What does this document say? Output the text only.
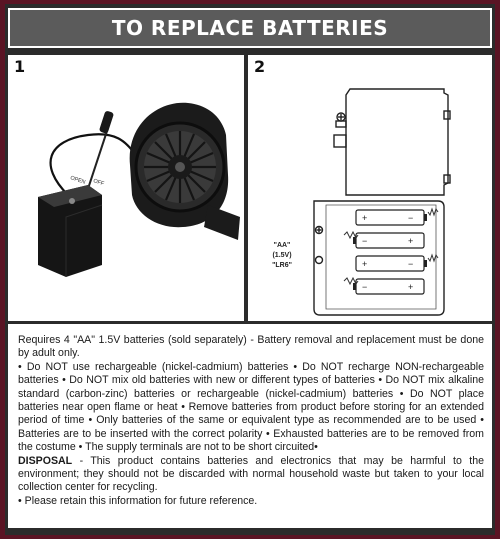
TO REPLACE BATTERIES
1
OPEN OFF
2
+	−
−	+
+	−
−	+
"AA"
(1.5V)
"LR6"

Requires 4 "AA" 1.5V batteries (sold separately) - Battery removal and replacement must be done by adult only.

• Do NOT use rechargeable (nickel-cadmium) batteries • Do NOT recharge NON-rechargeable batteries • Do NOT mix old batteries with new or different types of batteries • Do NOT mix alkaline standard (carbon-zinc) batteries or rechargeable (nickel-cadmium) batteries • Do NOT place batteries near open flame or heat • Remove batteries from product before storing for an extended period of time • Only batteries of the same or equivalent type as recommended are to be used • Batteries are to be inserted with the correct polarity • Exhausted batteries are to be removed from the costume • The supply terminals are not to be short circuited•

DISPOSAL - This product contains batteries and electronics that may be harmful to the environment; they should not be discarded with normal household waste but taken to your local collection center for recycling.

• Please retain this information for future reference.
